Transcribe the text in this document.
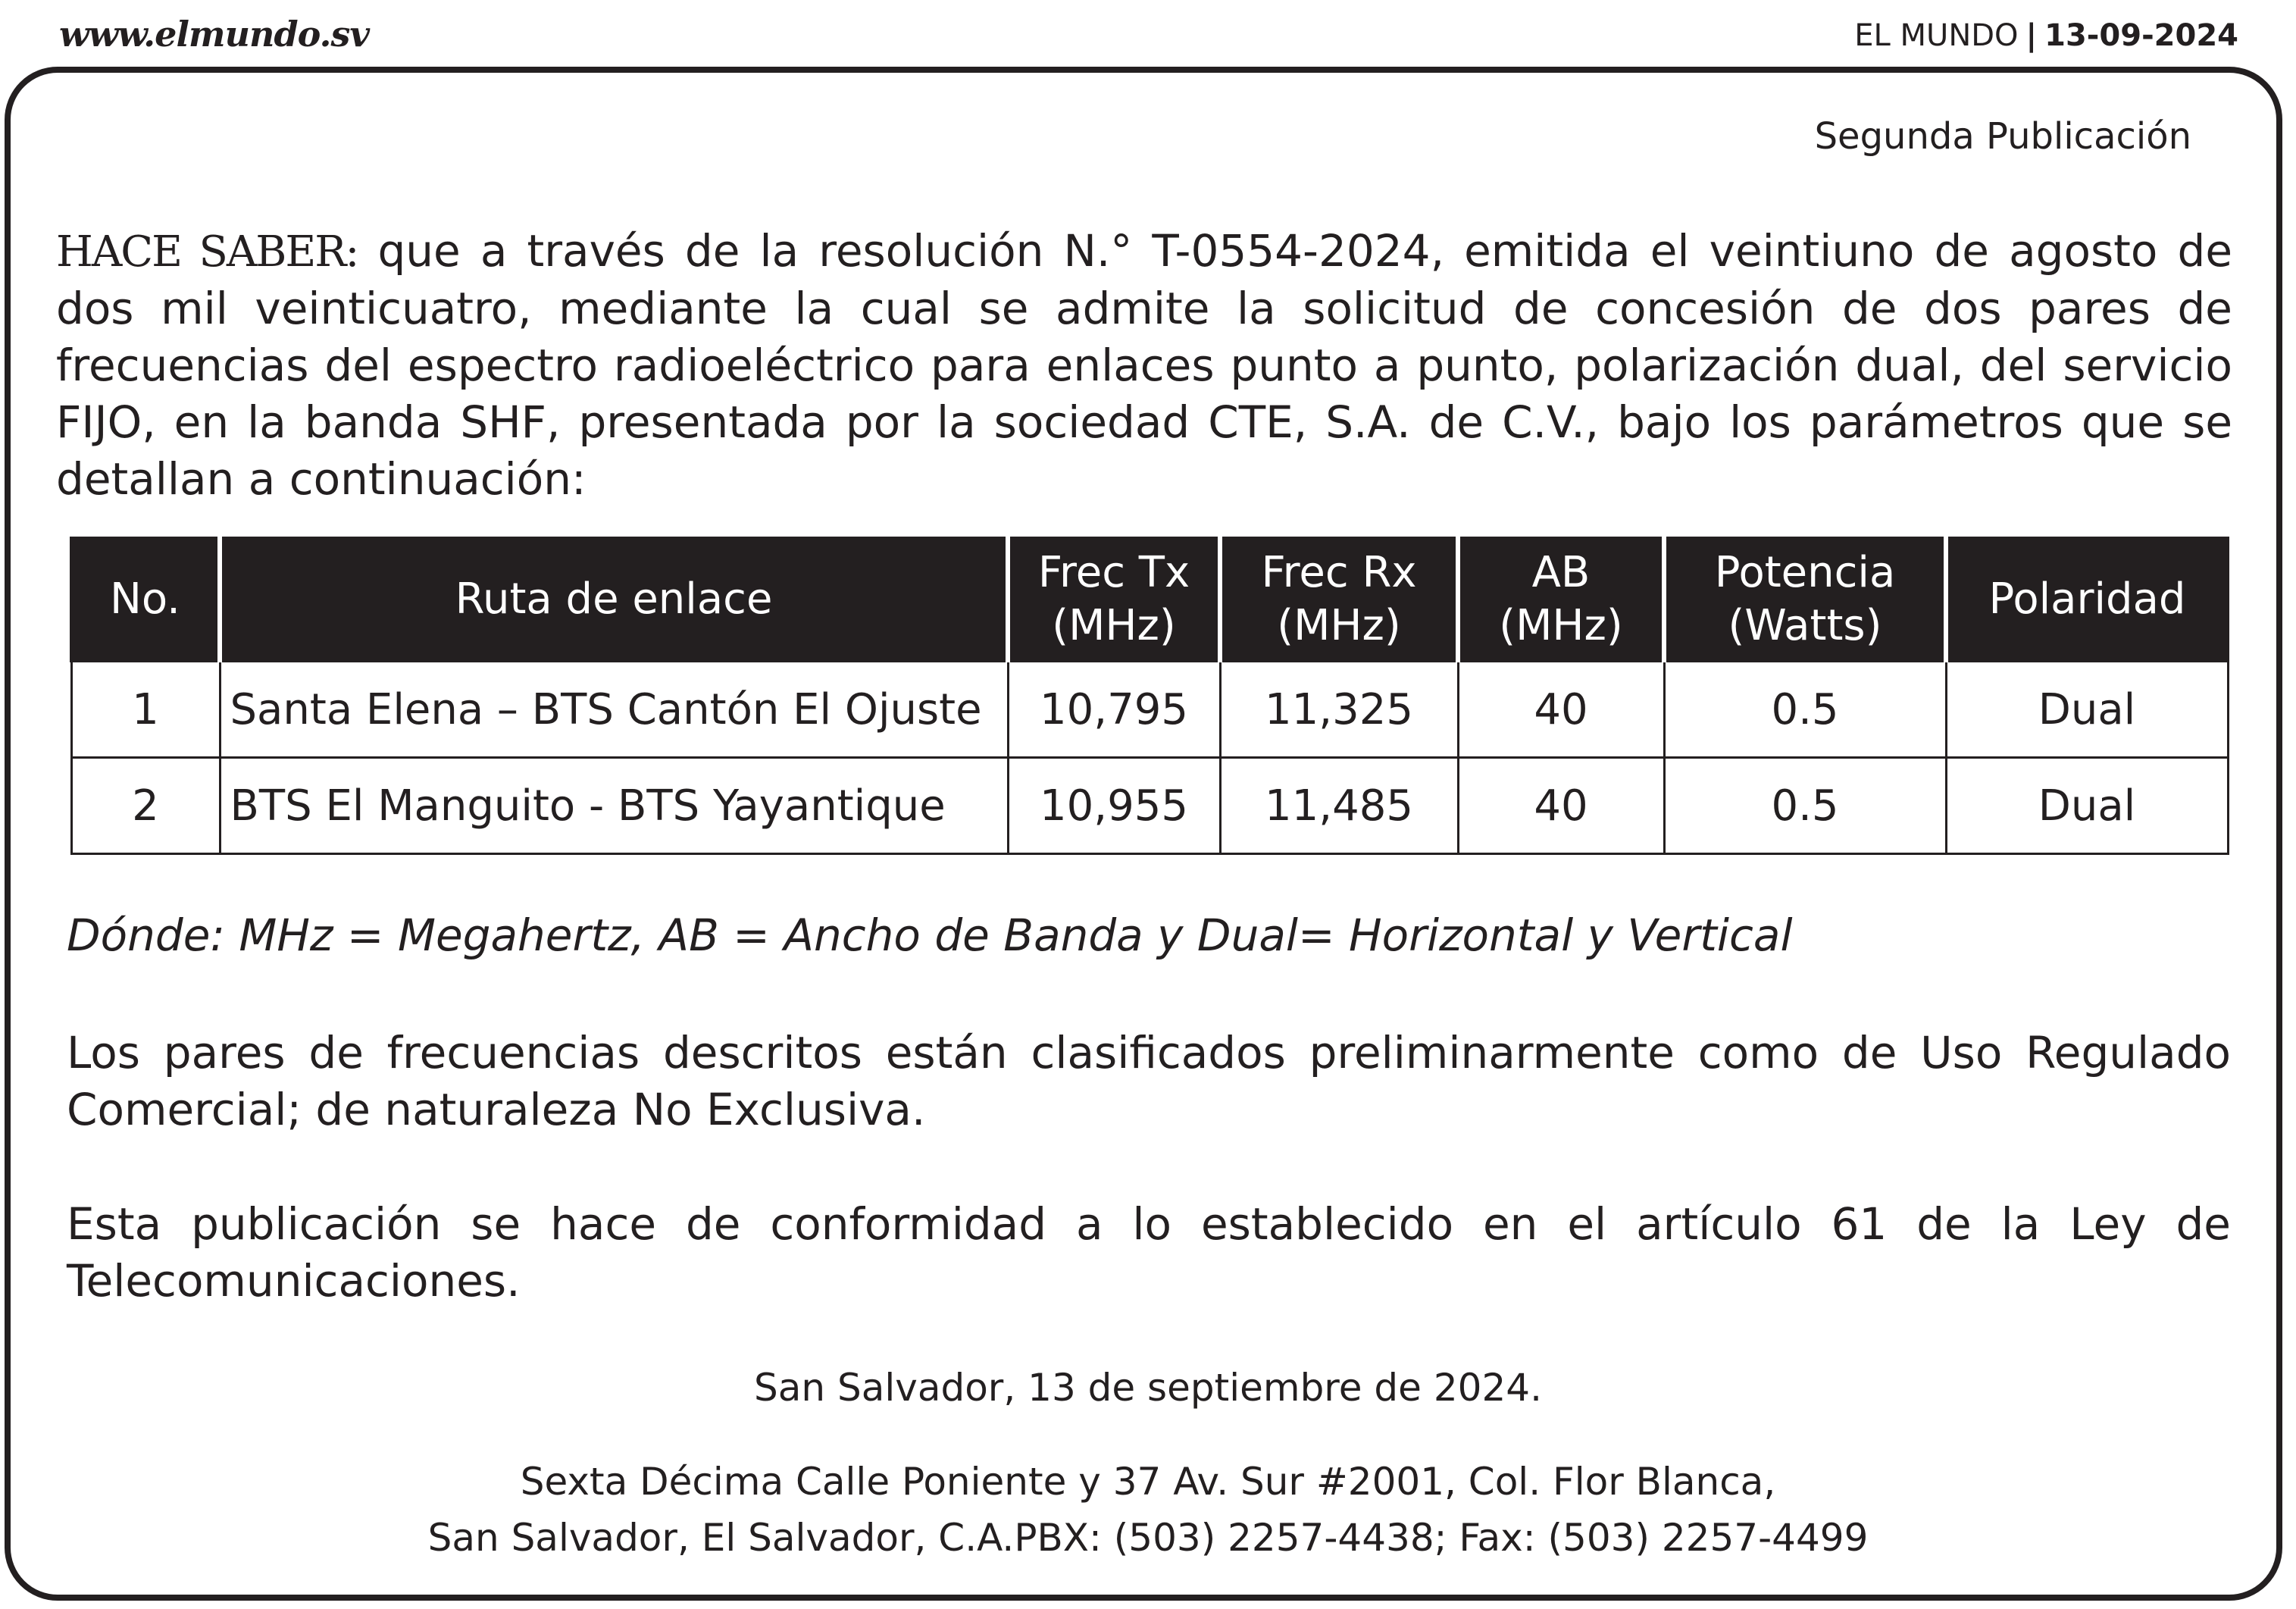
www.elmundo.sv	EL MUNDO | 13-09-2024
Segunda Publicación

HACE SABER: que a través de la resolución N.° T-0554-2024, emitida el veintiuno de agosto de dos mil veinticuatro, mediante la cual se admite la solicitud de concesión de dos pares de frecuencias del espectro radioeléctrico para enlaces punto a punto, polarización dual, del servicio FIJO, en la banda SHF, presentada por la sociedad CTE, S.A. de C.V., bajo los parámetros que se detallan a continuación:

No.	Ruta de enlace	Frec Tx (MHz)	Frec Rx (MHz)	AB (MHz)	Potencia (Watts)	Polaridad
1	Santa Elena – BTS Cantón El Ojuste	10,795	11,325	40	0.5	Dual
2	BTS El Manguito - BTS Yayantique	10,955	11,485	40	0.5	Dual

Dónde: MHz = Megahertz, AB = Ancho de Banda y Dual= Horizontal y Vertical

Los pares de frecuencias descritos están clasificados preliminarmente como de Uso Regulado Comercial; de naturaleza No Exclusiva.

Esta publicación se hace de conformidad a lo establecido en el artículo 61 de la Ley de Telecomunicaciones.

San Salvador, 13 de septiembre de 2024.

Sexta Décima Calle Poniente y 37 Av. Sur #2001, Col. Flor Blanca,
San Salvador, El Salvador, C.A.PBX: (503) 2257-4438; Fax: (503) 2257-4499
